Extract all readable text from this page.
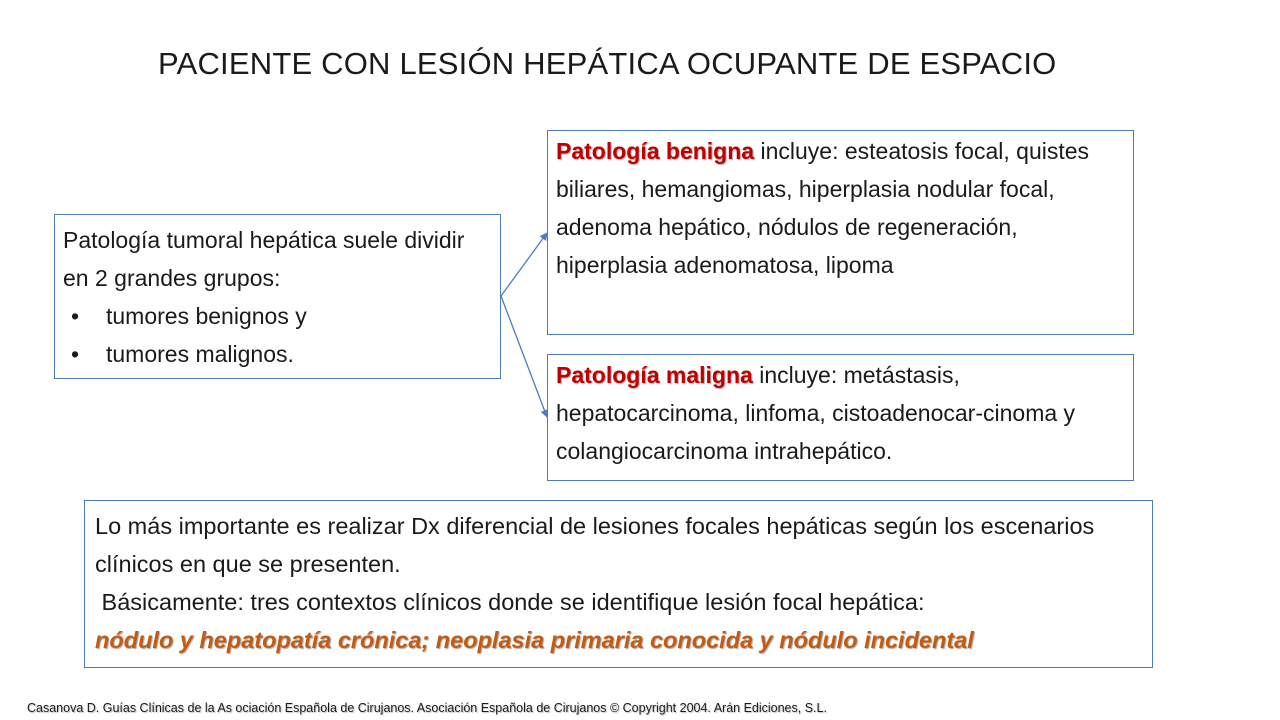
PACIENTE CON LESIÓN HEPÁTICA OCUPANTE DE ESPACIO
Patología tumoral hepática suele dividir en 2 grandes grupos:
• tumores benignos y
• tumores malignos.
Patología benigna incluye: esteatosis focal, quistes biliares, hemangiomas, hiperplasia nodular focal, adenoma hepático, nódulos de regeneración, hiperplasia adenomatosa, lipoma
Patología maligna incluye: metástasis, hepatocarcinoma, linfoma, cistoadenocar-cinoma y colangiocarcinoma intrahepático.
Lo más importante es realizar Dx diferencial de lesiones focales hepáticas según los escenarios clínicos en que se presenten.
Básicamente: tres contextos clínicos donde se identifique lesión focal hepática:
nódulo y hepatopatía crónica; neoplasia primaria conocida y nódulo incidental
Casanova D. Guías Clínicas de la As ociación Española de Cirujanos. Asociación Española de Cirujanos © Copyright 2004. Arán Ediciones, S.L.
